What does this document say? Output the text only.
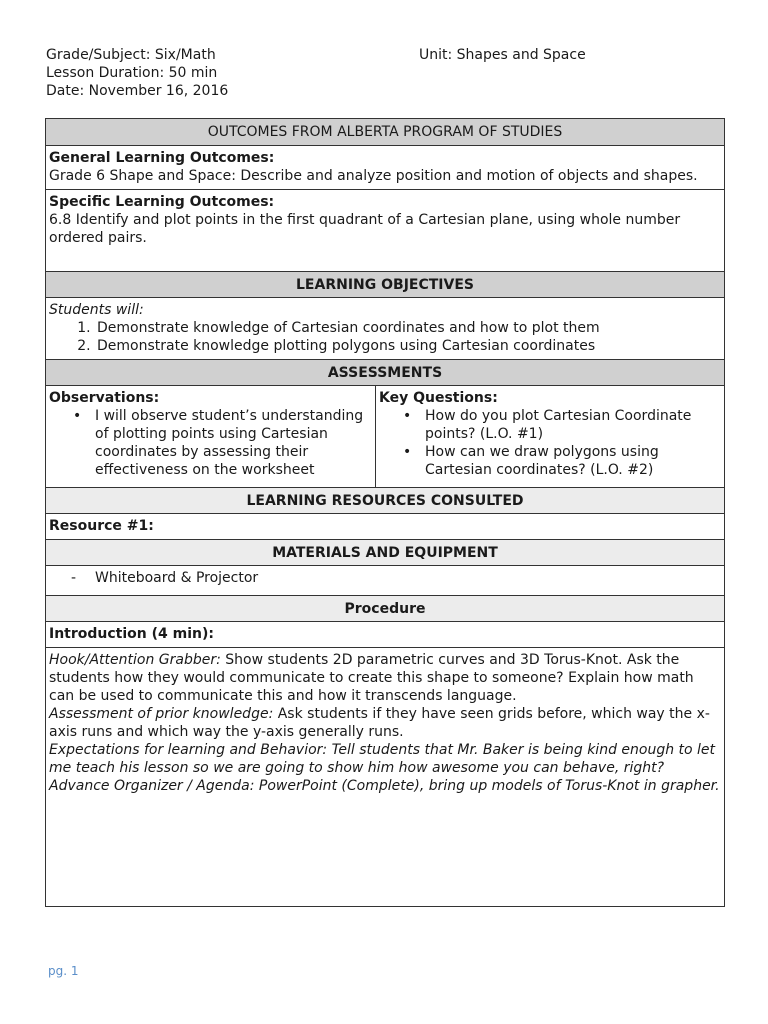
Grade/Subject: Six/Math	Unit: Shapes and Space
Lesson Duration: 50 min
Date: November 16, 2016
OUTCOMES FROM ALBERTA PROGRAM OF STUDIES
General Learning Outcomes:
Grade 6 Shape and Space: Describe and analyze position and motion of objects and shapes.
Specific Learning Outcomes:
6.8 Identify and plot points in the first quadrant of a Cartesian plane, using whole number ordered pairs.
LEARNING OBJECTIVES
Students will:
1. Demonstrate knowledge of Cartesian coordinates and how to plot them
2. Demonstrate knowledge plotting polygons using Cartesian coordinates
ASSESSMENTS
Observations:
• I will observe student’s understanding of plotting points using Cartesian coordinates by assessing their effectiveness on the worksheet
Key Questions:
• How do you plot Cartesian Coordinate points? (L.O. #1)
• How can we draw polygons using Cartesian coordinates? (L.O. #2)
LEARNING RESOURCES CONSULTED
Resource #1:
MATERIALS AND EQUIPMENT
- Whiteboard & Projector
Procedure
Introduction (4 min):
Hook/Attention Grabber: Show students 2D parametric curves and 3D Torus-Knot. Ask the students how they would communicate to create this shape to someone? Explain how math can be used to communicate this and how it transcends language.
Assessment of prior knowledge: Ask students if they have seen grids before, which way the x-axis runs and which way the y-axis generally runs.
Expectations for learning and Behavior: Tell students that Mr. Baker is being kind enough to let me teach his lesson so we are going to show him how awesome you can behave, right?
Advance Organizer / Agenda: PowerPoint (Complete), bring up models of Torus-Knot in grapher.
pg. 1
